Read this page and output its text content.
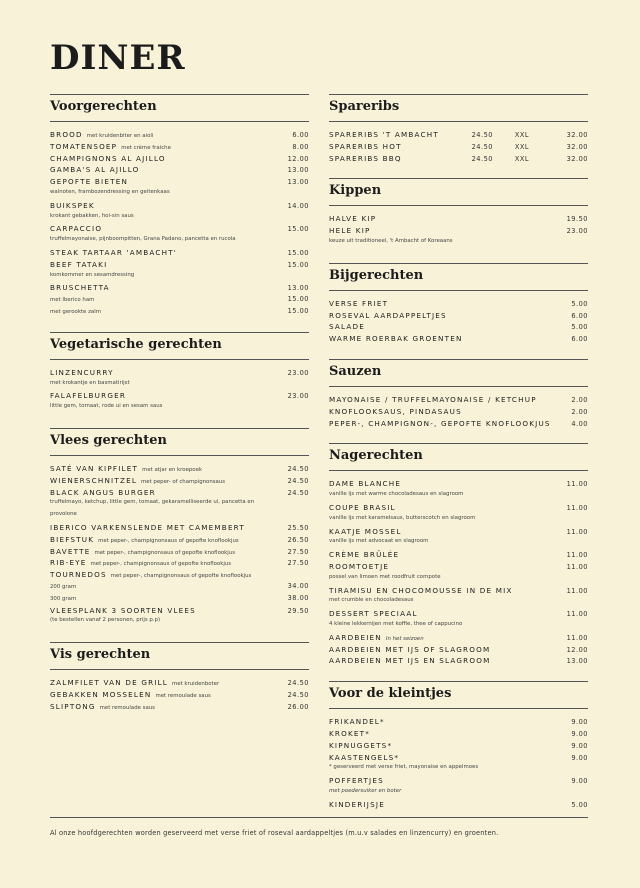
DINER
Voorgerechten
BROOD met kruidenbiter en aioli	6.00
TOMATENSOEP met crème fraiche	8.00
CHAMPIGNONS AL AJILLO	12.00
GAMBA'S AL AJILLO	13.00
GEPOFTE BIETEN	13.00
walnoten, frambozendressing en geitenkaas
BUIKSPEK	14.00
krokant gebakken, hoi-sin saus
CARPACCIO	15.00
truffelmayonaise, pijnboompitten, Grana Padano, pancetta en rucola
STEAK TARTAAR 'AMBACHT'	15.00
BEEF TATAKI	15.00
komkommer en sesamdressing
BRUSCHETTA	13.00
met Iberico ham	15.00
met gerookte zalm	15.00
Vegetarische gerechten
LINZENCURRY	23.00
met krokantje en basmatirijst
FALAFELBURGER	23.00
little gem, tomaat, rode ui en sesam saus
Vlees gerechten
SATÉ VAN KIPFILET met atjar en kroepoek	24.50
WIENERSCHNITZEL met peper- of champignonsaus	24.50
BLACK ANGUS BURGER	24.50
truffelmayo, ketchup, little gem, tomaat, gekaramelliseerde ui, pancetta en
provolone
IBERICO VARKENSLENDE MET CAMEMBERT	25.50
BIEFSTUK met peper-, champignonsaus of gepofte knoflookjus	26.50
BAVETTE met peper-, champignonsaus of gepofte knoflookjus	27.50
RIB-EYE met peper-, champignonsaus of gepofte knoflookjus	27.50
TOURNEDOS met peper-, champignonsaus of gepofte knoflookjus
200 gram	34.00
300 gram	38.00
VLEESPLANK 3 SOORTEN VLEES	29.50
(te bestellen vanaf 2 personen, prijs p.p)
Vis gerechten
ZALMFILET VAN DE GRILL met kruidenboter	24.50
GEBAKKEN MOSSELEN met remoulade saus	24.50
SLIPTONG met remoulade saus	26.00
Spareribs
SPARERIBS 'T AMBACHT	24.50	XXL	32.00
SPARERIBS HOT	24.50	XXL	32.00
SPARERIBS BBQ	24.50	XXL	32.00
Kippen
HALVE KIP	19.50
HELE KIP	23.00
keuze uit traditioneel, 't Ambacht of Koreaans
Bijgerechten
VERSE FRIET	5.00
ROSEVAL AARDAPPELTJES	6.00
SALADE	5.00
WARME ROERBAK GROENTEN	6.00
Sauzen
MAYONAISE / TRUFFELMAYONAISE / KETCHUP	2.00
KNOFLOOKSAUS, PINDASAUS	2.00
PEPER-, CHAMPIGNON-, GEPOFTE KNOFLOOKJUS	4.00
Nagerechten
DAME BLANCHE	11.00
vanille ijs met warme chocoladesaus en slagroom
COUPE BRASIL	11.00
vanille ijs met karamelsaus, butterscotch en slagroom
KAATJE MOSSEL	11.00
vanille ijs met advocaat en slagroom
CRÈME BRÛLÉE	11.00
ROOMTOETJE	11.00
possel van limoen met roodfruit compote
TIRAMISU EN CHOCOMOUSSE IN DE MIX	11.00
met crumble en chocoladesaus
DESSERT SPECIAAL	11.00
4 kleine lekkernijen met koffie, thee of cappucino
AARDBEIEN In het seizoen	11.00
AARDBEIEN MET IJS OF SLAGROOM	12.00
AARDBEIEN MET IJS EN SLAGROOM	13.00
Voor de kleintjes
FRIKANDEL*	9.00
KROKET*	9.00
KIPNUGGETS*	9.00
KAASTENGELS*	9.00
* geserveerd met verse friet, mayonaise en appelmoes
POFFERTJES	9.00
met poedersuiker en boter
KINDERIJSJE	5.00
Al onze hoofdgerechten worden geserveerd met verse friet of roseval aardappeltjes (m.u.v salades en linzencurry) en groenten.
